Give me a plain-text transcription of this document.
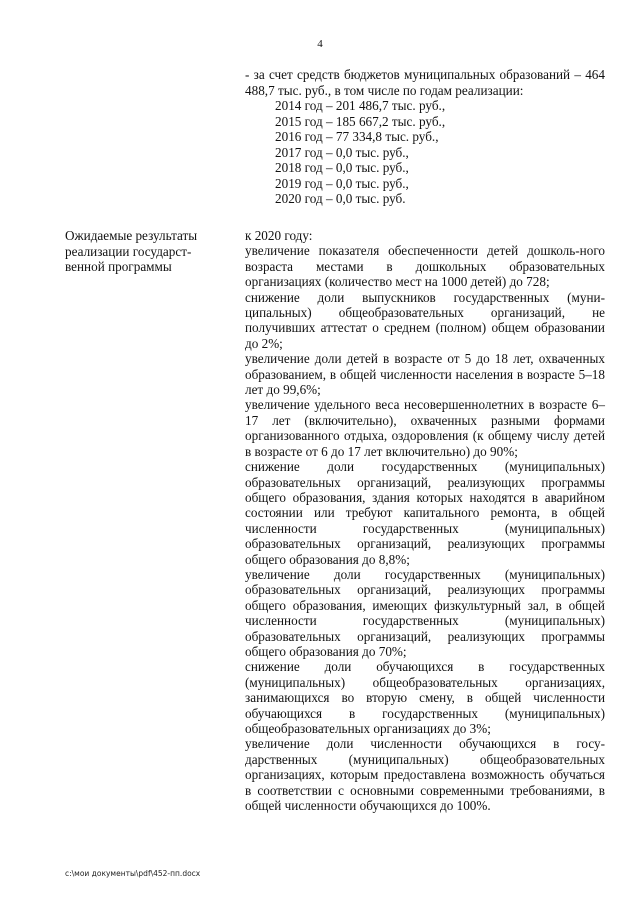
4

- за счет средств бюджетов муниципальных образований – 464 488,7 тыс. руб., в том числе по годам реализации:

2014 год – 201 486,7 тыс. руб.,
2015 год – 185 667,2 тыс. руб.,
2016 год – 77 334,8 тыс. руб.,
2017 год – 0,0 тыс. руб.,
2018 год – 0,0 тыс. руб.,
2019 год – 0,0 тыс. руб.,
2020 год – 0,0 тыс. руб.
Ожидаемые результаты реализации государст-венной программы

к 2020 году:

увеличение показателя обеспеченности детей дошколь-ного возраста местами в дошкольных образовательных организациях (количество мест на 1000 детей) до 728;

снижение доли выпускников государственных (муни-ципальных) общеобразовательных организаций, не получивших аттестат о среднем (полном) общем образовании до 2%;

увеличение доли детей в возрасте от 5 до 18 лет, охваченных образованием, в общей численности населения в возрасте 5–18 лет до 99,6%;

увеличение удельного веса несовершеннолетних в возрасте 6–17 лет (включительно), охваченных разными формами организованного отдыха, оздоровления (к общему числу детей в возрасте от 6 до 17 лет включительно) до 90%;

снижение доли государственных (муниципальных) образовательных организаций, реализующих программы общего образования, здания которых находятся в аварийном состоянии или требуют капитального ремонта, в общей численности государственных (муниципальных) образовательных организаций, реализующих программы общего образования до 8,8%;

увеличение доли государственных (муниципальных) образовательных организаций, реализующих программы общего образования, имеющих физкультурный зал, в общей численности государственных (муниципальных) образовательных организаций, реализующих программы общего образования до 70%;

снижение доли обучающихся в государственных (муниципальных) общеобразовательных организациях, занимающихся во вторую смену, в общей численности обучающихся в государственных (муниципальных) общеобразовательных организациях до 3%;

увеличение доли численности обучающихся в госу-дарственных (муниципальных) общеобразовательных организациях, которым предоставлена возможность обучаться в соответствии с основными современными требованиями, в общей численности обучающихся до 100%.

c:\мои документы\pdf\452-пп.docx
